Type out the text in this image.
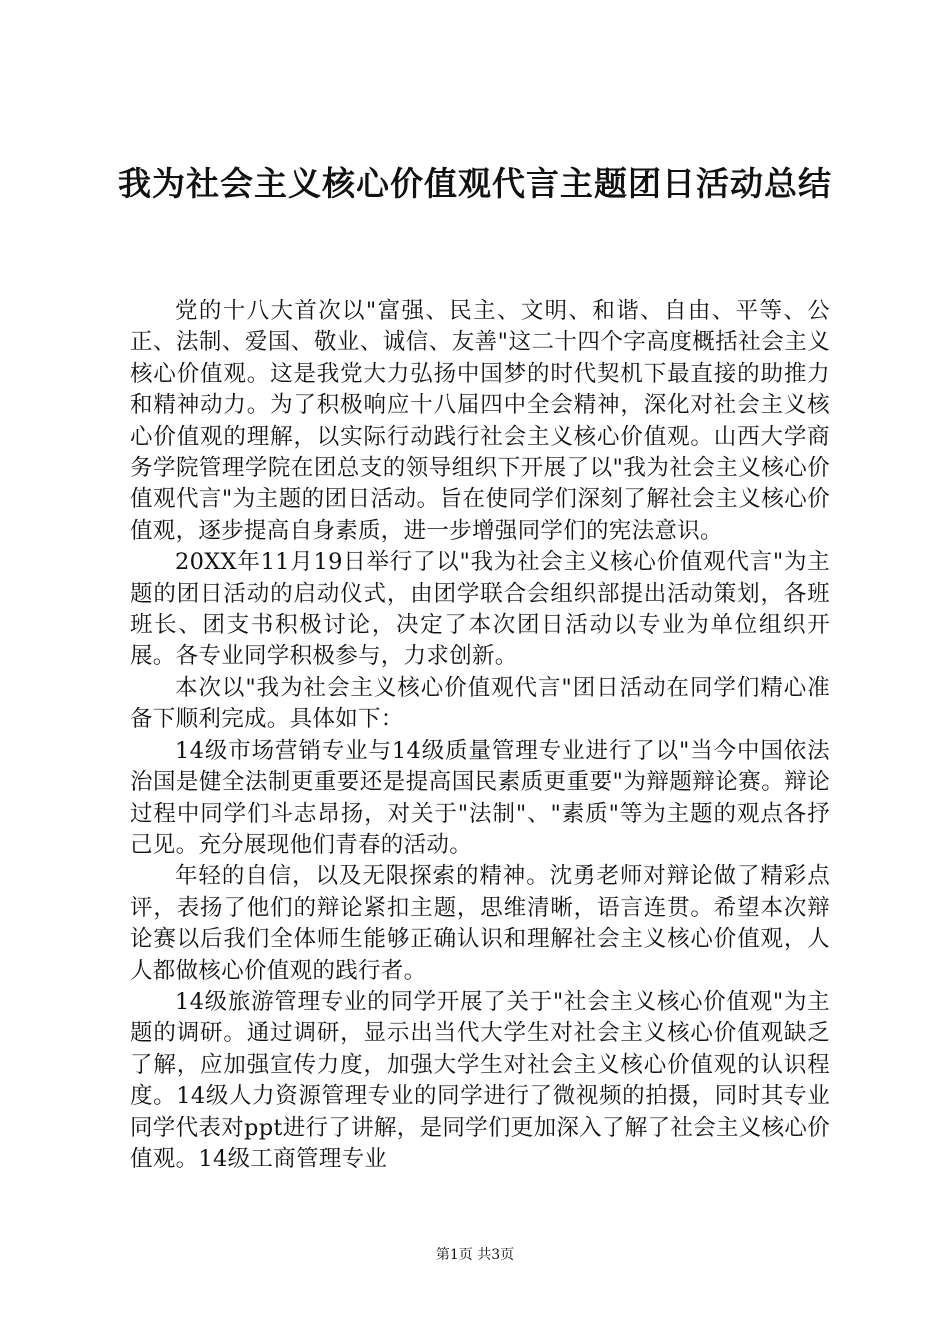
我为社会主义核心价值观代言主题团日活动总结

党的十八大首次以"富强、民主、文明、和谐、自由、平等、公正、法制、爱国、敬业、诚信、友善"这二十四个字高度概括社会主义核心价值观。这是我党大力弘扬中国梦的时代契机下最直接的助推力和精神动力。为了积极响应十八届四中全会精神，深化对社会主义核心价值观的理解，以实际行动践行社会主义核心价值观。山西大学商务学院管理学院在团总支的领导组织下开展了以"我为社会主义核心价值观代言"为主题的团日活动。旨在使同学们深刻了解社会主义核心价值观，逐步提高自身素质，进一步增强同学们的宪法意识。

20XX年11月19日举行了以"我为社会主义核心价值观代言"为主题的团日活动的启动仪式，由团学联合会组织部提出活动策划，各班班长、团支书积极讨论，决定了本次团日活动以专业为单位组织开展。各专业同学积极参与，力求创新。

本次以"我为社会主义核心价值观代言"团日活动在同学们精心准备下顺利完成。具体如下：

14级市场营销专业与14级质量管理专业进行了以"当今中国依法治国是健全法制更重要还是提高国民素质更重要"为辩题辩论赛。辩论过程中同学们斗志昂扬，对关于"法制"、"素质"等为主题的观点各抒己见。充分展现他们青春的活动。

年轻的自信，以及无限探索的精神。沈勇老师对辩论做了精彩点评，表扬了他们的辩论紧扣主题，思维清晰，语言连贯。希望本次辩论赛以后我们全体师生能够正确认识和理解社会主义核心价值观，人人都做核心价值观的践行者。

14级旅游管理专业的同学开展了关于"社会主义核心价值观"为主题的调研。通过调研，显示出当代大学生对社会主义核心价值观缺乏了解，应加强宣传力度，加强大学生对社会主义核心价值观的认识程度。14级人力资源管理专业的同学进行了微视频的拍摄，同时其专业同学代表对ppt进行了讲解，是同学们更加深入了解了社会主义核心价值观。14级工商管理专业

第1页 共3页
